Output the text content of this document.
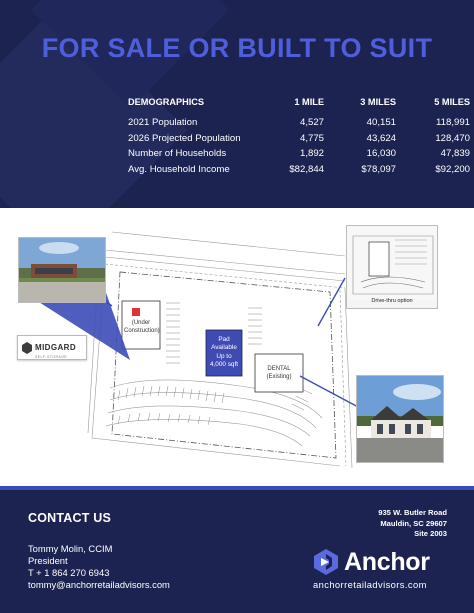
FOR SALE OR BUILT TO SUIT
DEMOGRAPHICS	1 MILE	3 MILES	5 MILES
2021 Population	4,527	40,151	118,991
2026 Projected Population	4,775	43,624	128,470
Number of Households	1,892	16,030	47,839
Avg. Household Income	$82,844	$78,097	$92,200
(Under
Construction)
Pad
Available
Up to
4,000 sqft
DENTAL
(Existing)
MIDGARD
SELF-STORAGE
Drive-thru option
CONTACT US
Tommy Molin, CCIM
President
T + 1 864 270 6943
tommy@anchorretailadvisors.com
935 W. Butler Road
Mauldin, SC 29607
Site 2003
Anchor
anchorretailadvisors.com
